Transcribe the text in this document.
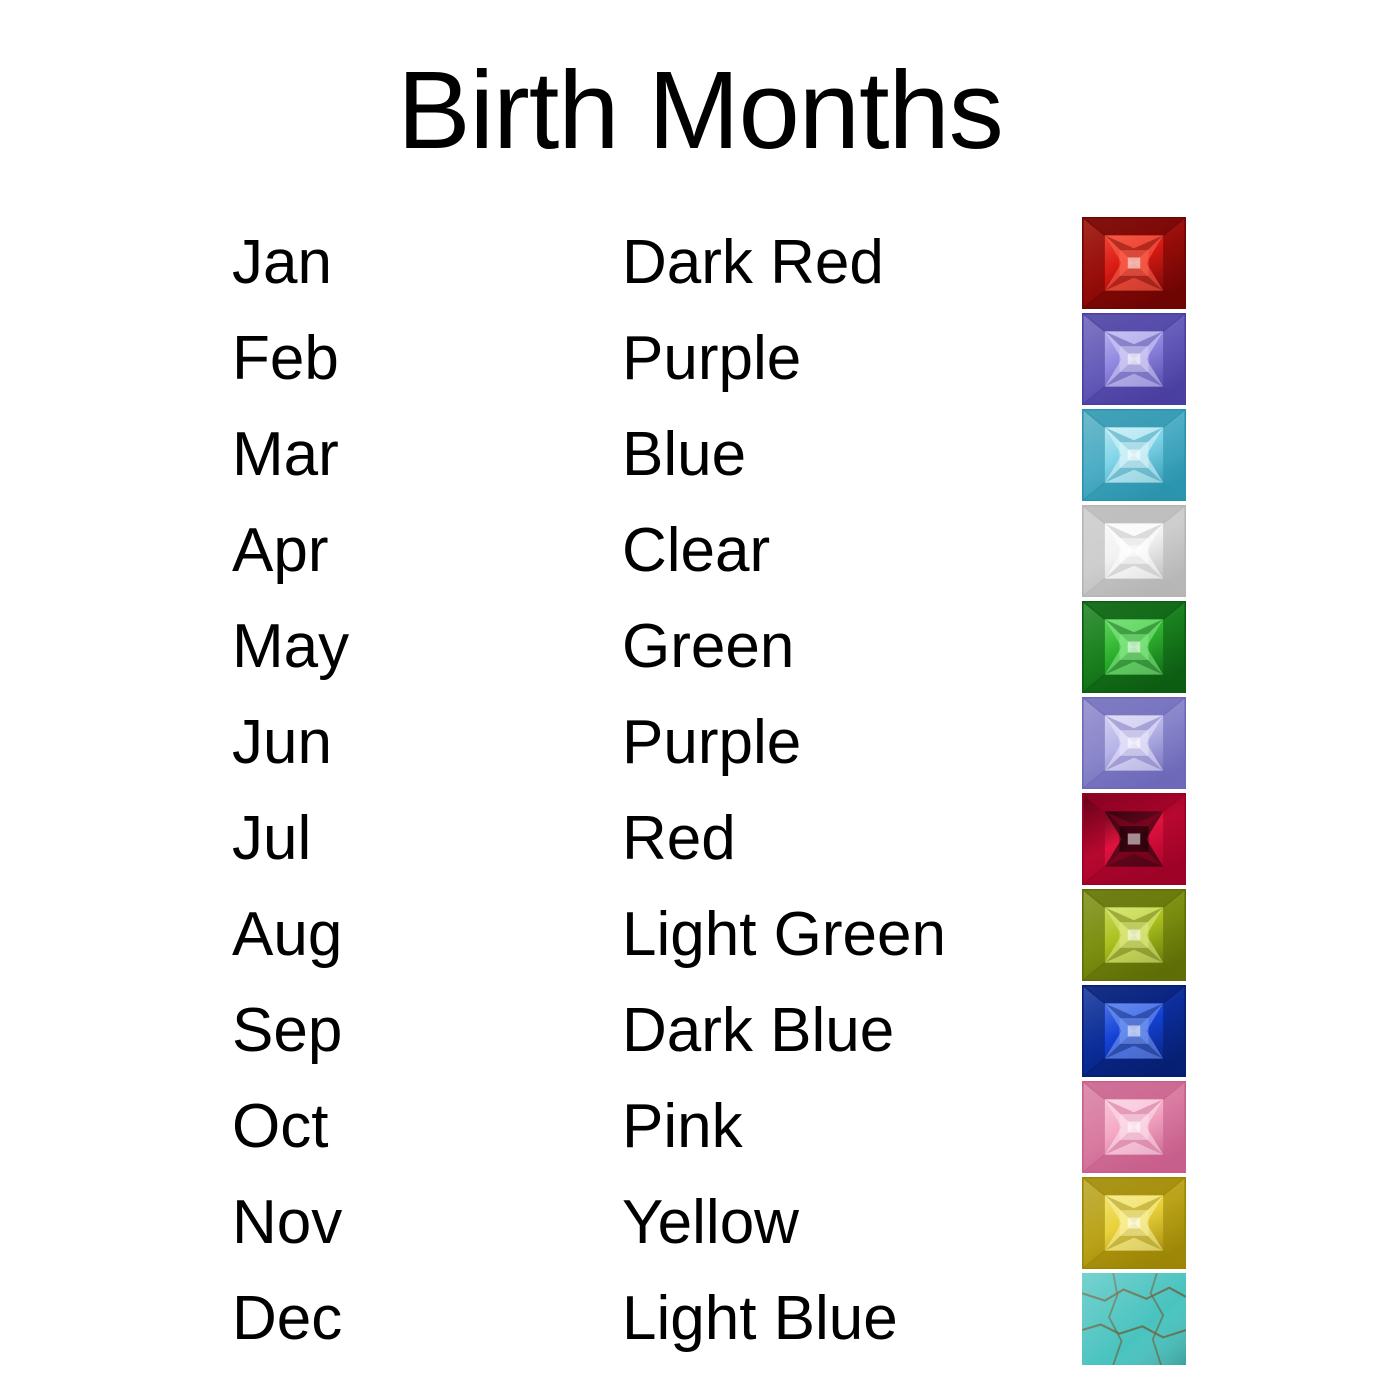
Birth Months
Jan	Dark Red
Feb	Purple
Mar	Blue
Apr	Clear
May	Green
Jun	Purple
Jul	Red
Aug	Light Green
Sep	Dark Blue
Oct	Pink
Nov	Yellow
Dec	Light Blue
